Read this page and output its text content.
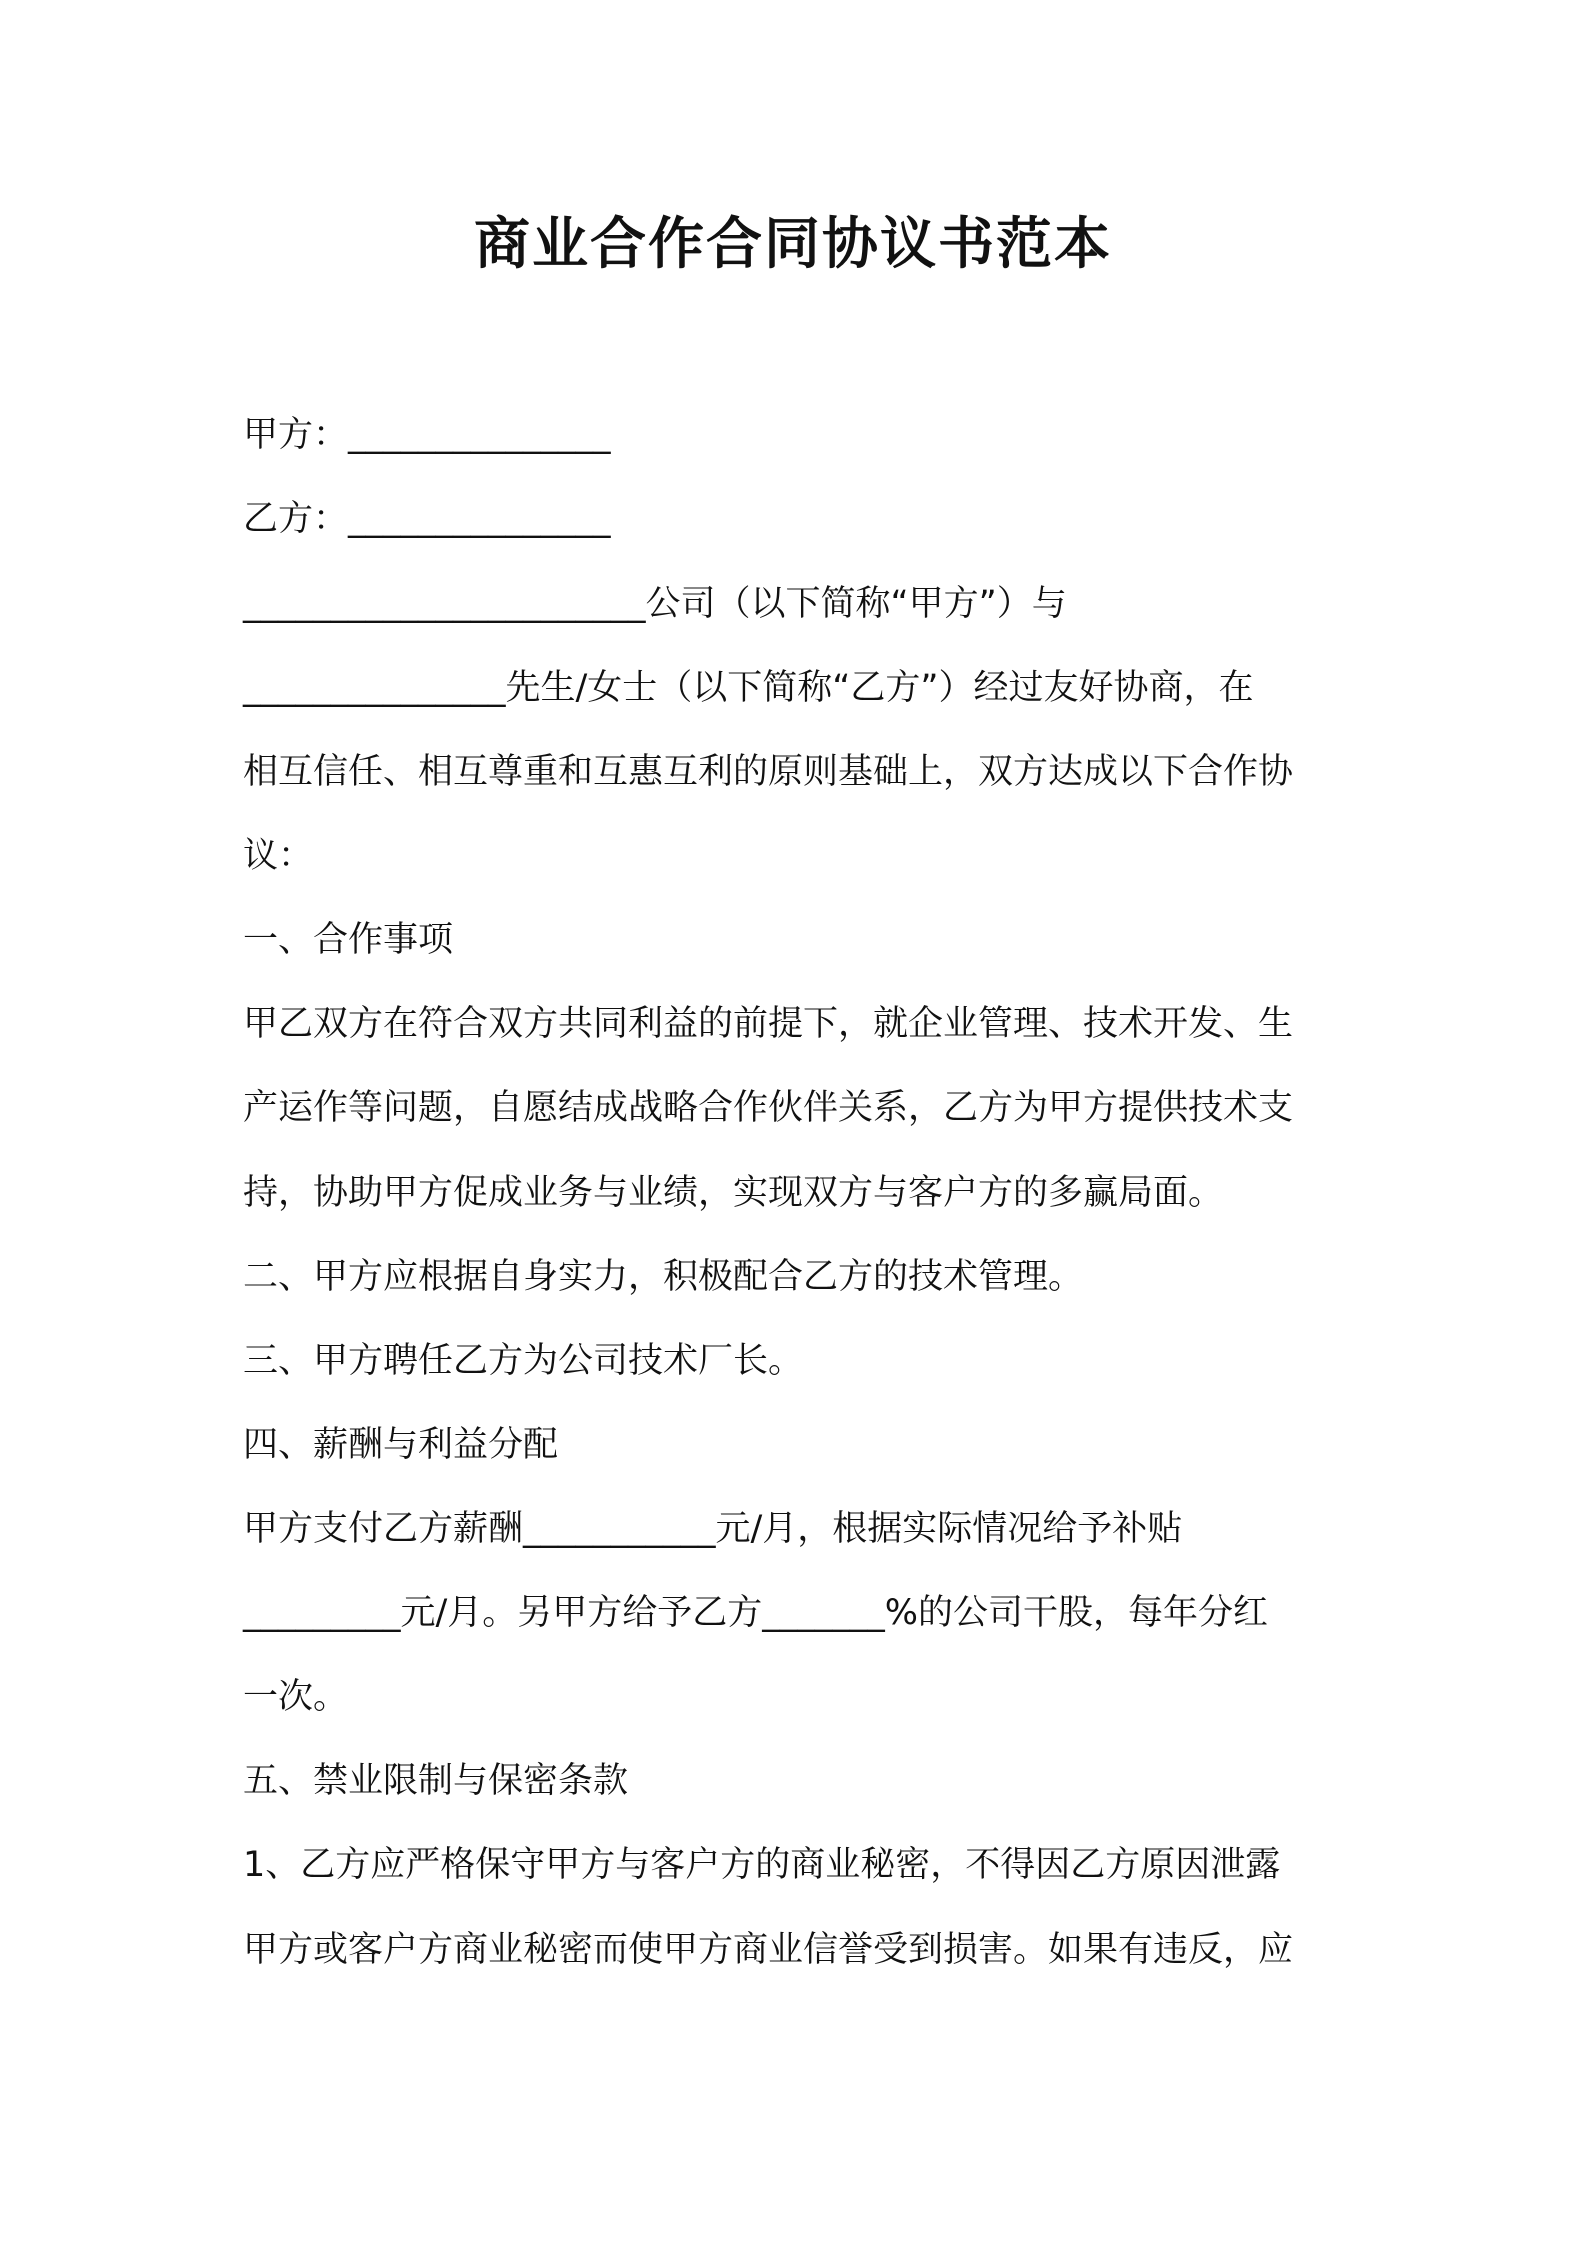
商业合作合同协议书范本
甲方：_______________
乙方：_______________
_______________________公司（以下简称“甲方”）与
_______________先生/女士（以下简称“乙方”）经过友好协商，在
相互信任、相互尊重和互惠互利的原则基础上，双方达成以下合作协
议：
一、合作事项
甲乙双方在符合双方共同利益的前提下，就企业管理、技术开发、生
产运作等问题，自愿结成战略合作伙伴关系，乙方为甲方提供技术支
持，协助甲方促成业务与业绩，实现双方与客户方的多赢局面。
二、甲方应根据自身实力，积极配合乙方的技术管理。
三、甲方聘任乙方为公司技术厂长。
四、薪酬与利益分配
甲方支付乙方薪酬___________元/月，根据实际情况给予补贴
_________元/月。另甲方给予乙方_______%的公司干股，每年分红
一次。
五、禁业限制与保密条款
1、乙方应严格保守甲方与客户方的商业秘密，不得因乙方原因泄露
甲方或客户方商业秘密而使甲方商业信誉受到损害。如果有违反，应
